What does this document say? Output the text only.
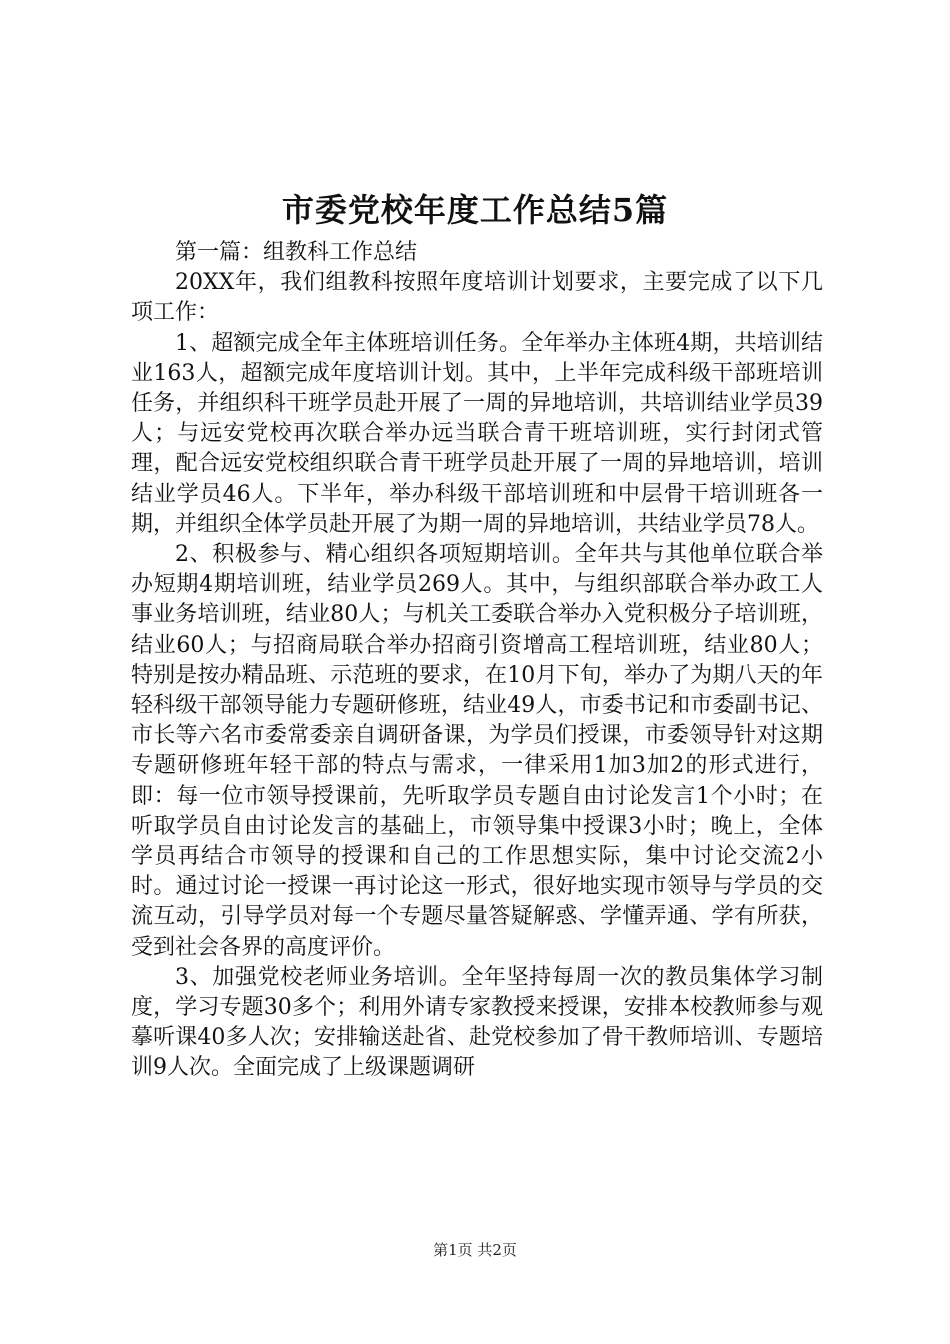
市委党校年度工作总结5篇

第一篇：组教科工作总结

20XX年，我们组教科按照年度培训计划要求，主要完成了以下几项工作：

1、超额完成全年主体班培训任务。全年举办主体班4期，共培训结业163人，超额完成年度培训计划。其中，上半年完成科级干部班培训任务，并组织科干班学员赴开展了一周的异地培训，共培训结业学员39人；与远安党校再次联合举办远当联合青干班培训班，实行封闭式管理，配合远安党校组织联合青干班学员赴开展了一周的异地培训，培训结业学员46人。下半年，举办科级干部培训班和中层骨干培训班各一期，并组织全体学员赴开展了为期一周的异地培训，共结业学员78人。

2、积极参与、精心组织各项短期培训。全年共与其他单位联合举办短期4期培训班，结业学员269人。其中，与组织部联合举办政工人事业务培训班，结业80人；与机关工委联合举办入党积极分子培训班，结业60人；与招商局联合举办招商引资增高工程培训班，结业80人；特别是按办精品班、示范班的要求，在10月下旬，举办了为期八天的年轻科级干部领导能力专题研修班，结业49人，市委书记和市委副书记、市长等六名市委常委亲自调研备课，为学员们授课，市委领导针对这期专题研修班年轻干部的特点与需求，一律采用1加3加2的形式进行，即：每一位市领导授课前，先听取学员专题自由讨论发言1个小时；在听取学员自由讨论发言的基础上，市领导集中授课3小时；晚上，全体学员再结合市领导的授课和自己的工作思想实际，集中讨论交流2小时。通过讨论一授课一再讨论这一形式，很好地实现市领导与学员的交流互动，引导学员对每一个专题尽量答疑解惑、学懂弄通、学有所获，受到社会各界的高度评价。

3、加强党校老师业务培训。全年坚持每周一次的教员集体学习制度，学习专题30多个；利用外请专家教授来授课，安排本校教师参与观摹听课40多人次；安排输送赴省、赴党校参加了骨干教师培训、专题培训9人次。全面完成了上级课题调研

第1页 共2页
